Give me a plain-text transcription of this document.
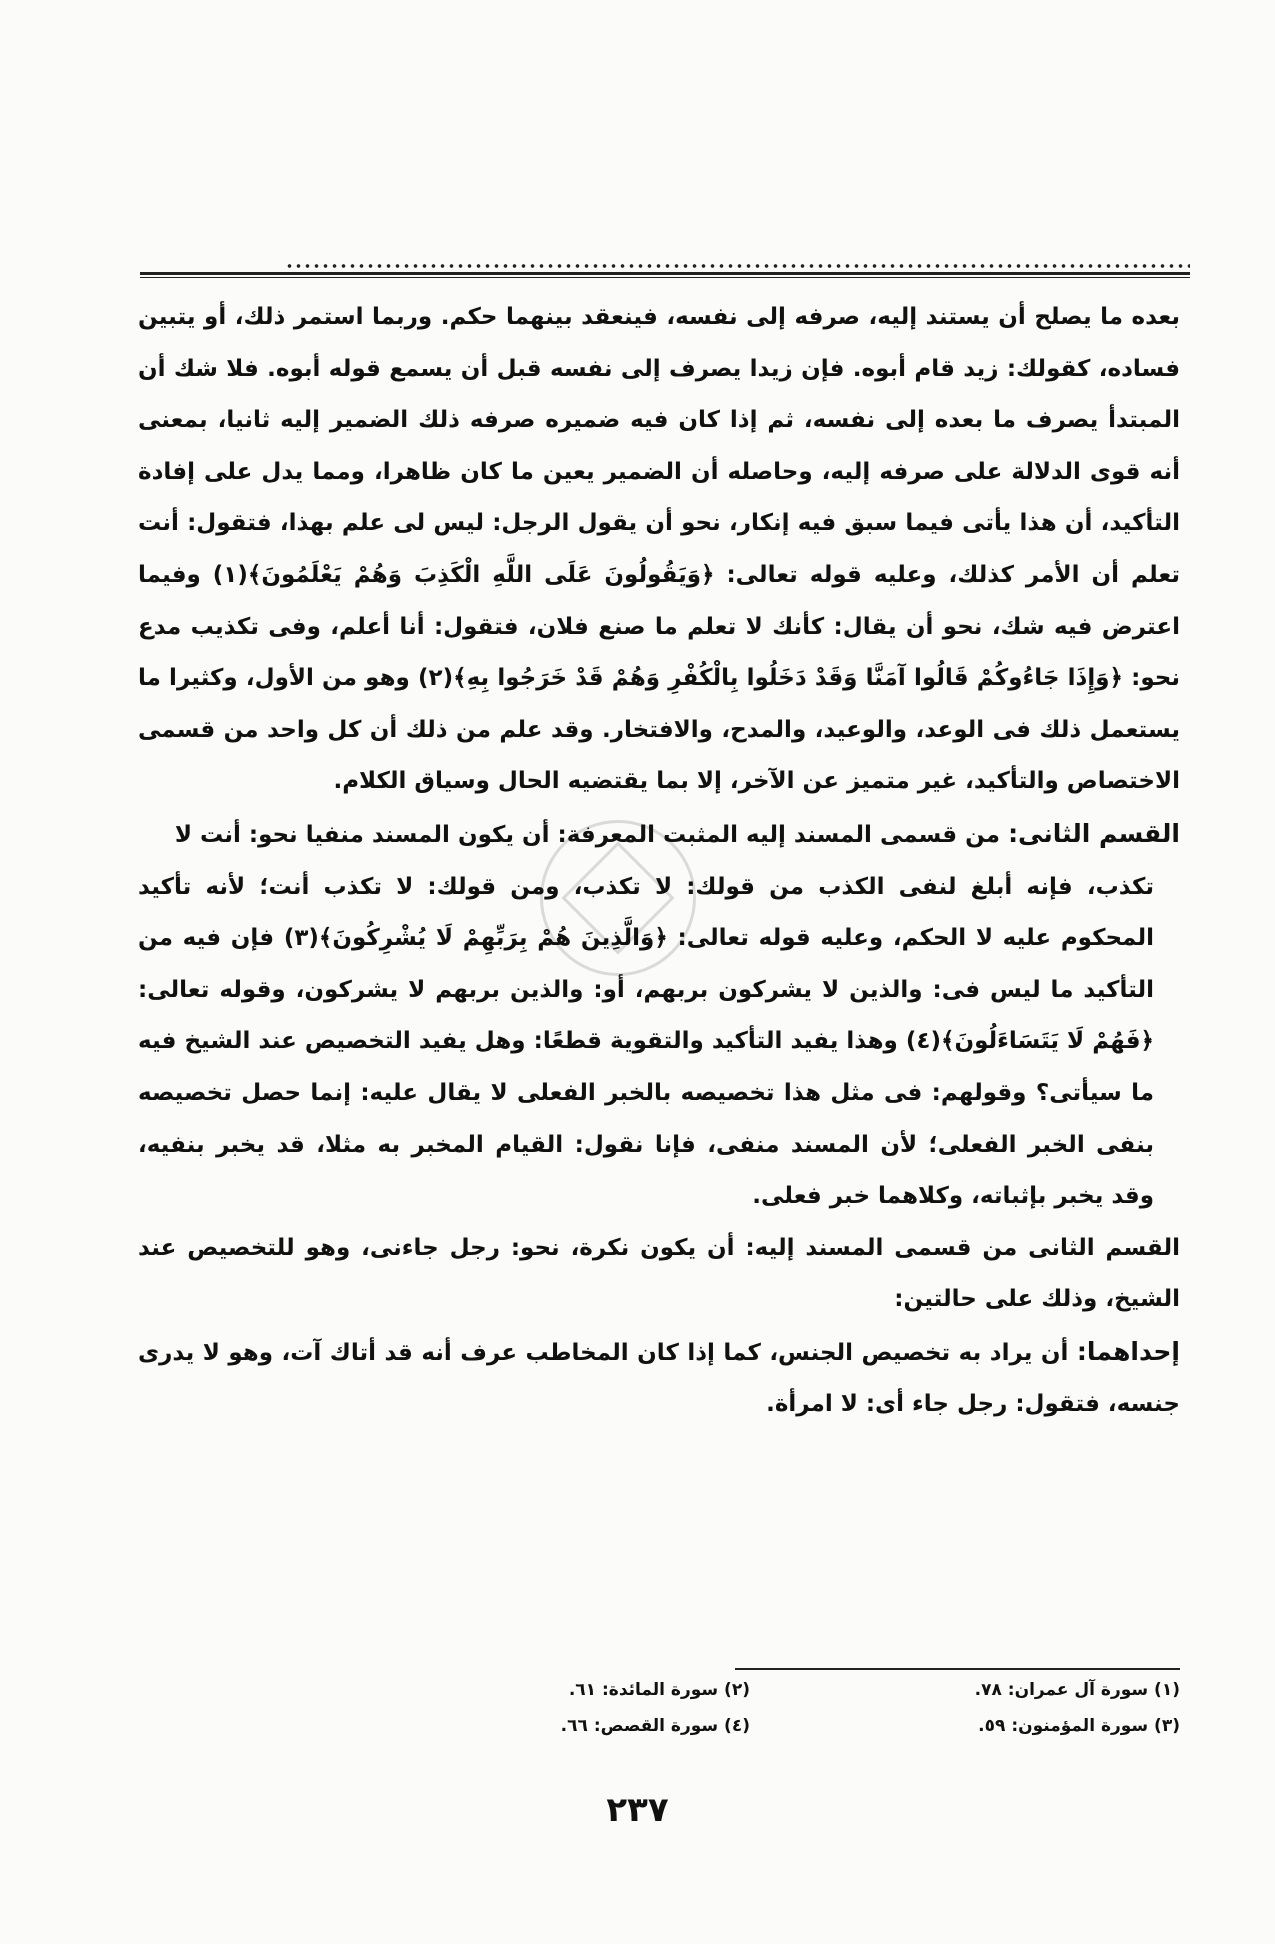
بعده ما يصلح أن يستند إليه، صرفه إلى نفسه، فينعقد بينهما حكم. وربما استمر ذلك، أو يتبين فساده، كقولك: زيد قام أبوه. فإن زيدا يصرف إلى نفسه قبل أن يسمع قوله أبوه. فلا شك أن المبتدأ يصرف ما بعده إلى نفسه، ثم إذا كان فيه ضميره صرفه ذلك الضمير إليه ثانيا، بمعنى أنه قوى الدلالة على صرفه إليه، وحاصله أن الضمير يعين ما كان ظاهرا، ومما يدل على إفادة التأكيد، أن هذا يأتى فيما سبق فيه إنكار، نحو أن يقول الرجل: ليس لى علم بهذا، فتقول: أنت تعلم أن الأمر كذلك، وعليه قوله تعالى: ﴿وَيَقُولُونَ عَلَى اللَّهِ الْكَذِبَ وَهُمْ يَعْلَمُونَ﴾(١) وفيما اعترض فيه شك، نحو أن يقال: كأنك لا تعلم ما صنع فلان، فتقول: أنا أعلم، وفى تكذيب مدع نحو: ﴿وَإِذَا جَاءُوكُمْ قَالُوا آمَنَّا وَقَدْ دَخَلُوا بِالْكُفْرِ وَهُمْ قَدْ خَرَجُوا بِهِ﴾(٢) وهو من الأول، وكثيرا ما يستعمل ذلك فى الوعد، والوعيد، والمدح، والافتخار. وقد علم من ذلك أن كل واحد من قسمى الاختصاص والتأكيد، غير متميز عن الآخر، إلا بما يقتضيه الحال وسياق الكلام.

القسم الثانى: من قسمى المسند إليه المثبت المعرفة: أن يكون المسند منفيا نحو: أنت لا

تكذب، فإنه أبلغ لنفى الكذب من قولك: لا تكذب، ومن قولك: لا تكذب أنت؛ لأنه تأكيد المحكوم عليه لا الحكم، وعليه قوله تعالى: ﴿وَالَّذِينَ هُمْ بِرَبِّهِمْ لَا يُشْرِكُونَ﴾(٣) فإن فيه من التأكيد ما ليس فى: والذين لا يشركون بربهم، أو: والذين بربهم لا يشركون، وقوله تعالى: ﴿فَهُمْ لَا يَتَسَاءَلُونَ﴾(٤) وهذا يفيد التأكيد والتقوية قطعًا: وهل يفيد التخصيص عند الشيخ فيه ما سيأتى؟ وقولهم: فى مثل هذا تخصيصه بالخبر الفعلى لا يقال عليه: إنما حصل تخصيصه بنفى الخبر الفعلى؛ لأن المسند منفى، فإنا نقول: القيام المخبر به مثلا، قد يخبر بنفيه، وقد يخبر بإثباته، وكلاهما خبر فعلى.

القسم الثانى من قسمى المسند إليه: أن يكون نكرة، نحو: رجل جاءنى، وهو للتخصيص عند الشيخ، وذلك على حالتين:

إحداهما: أن يراد به تخصيص الجنس، كما إذا كان المخاطب عرف أنه قد أتاك آت، وهو لا يدرى جنسه، فتقول: رجل جاء أى: لا امرأة.

(١) سورة آل عمران: ٧٨.
(٢) سورة المائدة: ٦١.
(٣) سورة المؤمنون: ٥٩.
(٤) سورة القصص: ٦٦.
٢٣٧
